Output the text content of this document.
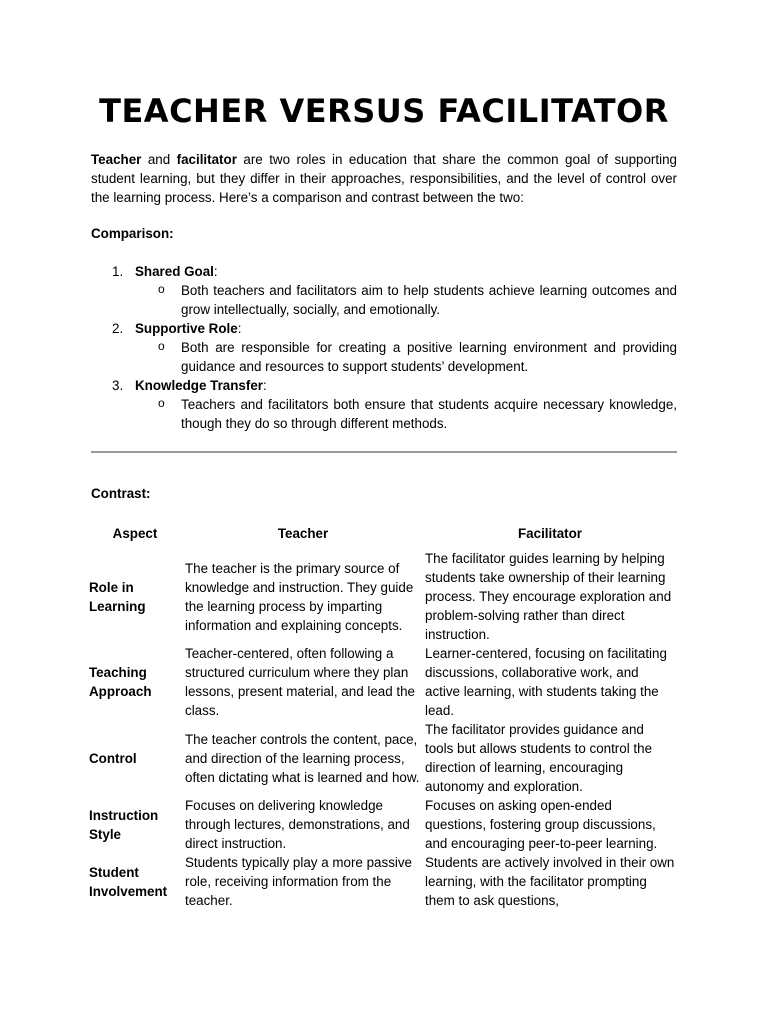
TEACHER VERSUS FACILITATOR

Teacher and facilitator are two roles in education that share the common goal of supporting student learning, but they differ in their approaches, responsibilities, and the level of control over the learning process. Here’s a comparison and contrast between the two:

Comparison:

1. Shared Goal:
o Both teachers and facilitators aim to help students achieve learning outcomes and grow intellectually, socially, and emotionally.
2. Supportive Role:
o Both are responsible for creating a positive learning environment and providing guidance and resources to support students’ development.
3. Knowledge Transfer:
o Teachers and facilitators both ensure that students acquire necessary knowledge, though they do so through different methods.

Contrast:

Aspect	Teacher	Facilitator
Role in Learning	The teacher is the primary source of knowledge and instruction. They guide the learning process by imparting information and explaining concepts.	The facilitator guides learning by helping students take ownership of their learning process. They encourage exploration and problem-solving rather than direct instruction.
Teaching Approach	Teacher-centered, often following a structured curriculum where they plan lessons, present material, and lead the class.	Learner-centered, focusing on facilitating discussions, collaborative work, and active learning, with students taking the lead.
Control	The teacher controls the content, pace, and direction of the learning process, often dictating what is learned and how.	The facilitator provides guidance and tools but allows students to control the direction of learning, encouraging autonomy and exploration.
Instruction Style	Focuses on delivering knowledge through lectures, demonstrations, and direct instruction.	Focuses on asking open-ended questions, fostering group discussions, and encouraging peer-to-peer learning.
Student Involvement	Students typically play a more passive role, receiving information from the teacher.	Students are actively involved in their own learning, with the facilitator prompting them to ask questions,
